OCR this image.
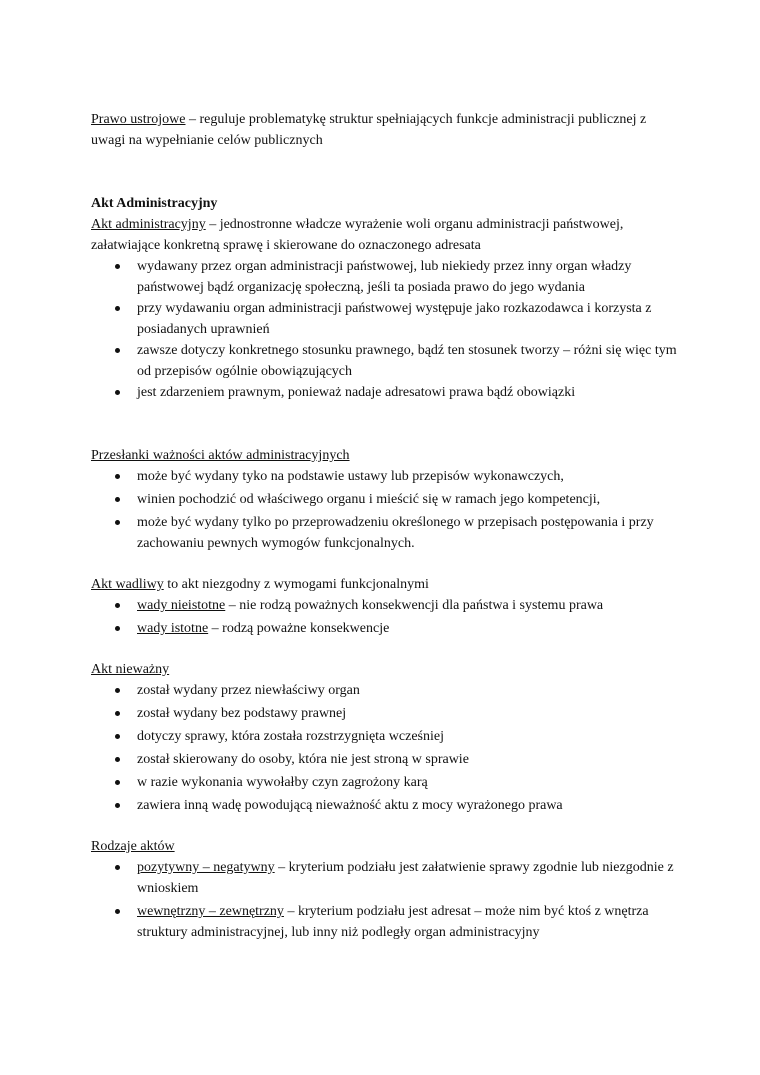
Prawo ustrojowe – reguluje problematykę struktur spełniających funkcje administracji publicznej z uwagi na wypełnianie celów publicznych

Akt Administracyjny

Akt administracyjny – jednostronne władcze wyrażenie woli organu administracji państwowej, załatwiające konkretną sprawę i skierowane do oznaczonego adresata

wydawany przez organ administracji państwowej, lub niekiedy przez inny organ władzy państwowej bądź organizację społeczną, jeśli ta posiada prawo do jego wydania
przy wydawaniu organ administracji państwowej występuje jako rozkazodawca i korzysta z posiadanych uprawnień
zawsze dotyczy konkretnego stosunku prawnego, bądź ten stosunek tworzy – różni się więc tym od przepisów ogólnie obowiązujących
jest zdarzeniem prawnym, ponieważ nadaje adresatowi prawa bądź obowiązki

Przesłanki ważności aktów administracyjnych

może być wydany tyko na podstawie ustawy lub przepisów wykonawczych,
winien pochodzić od właściwego organu i mieścić się w ramach jego kompetencji,
może być wydany tylko po przeprowadzeniu określonego w przepisach postępowania i przy zachowaniu pewnych wymogów funkcjonalnych.

Akt wadliwy to akt niezgodny z wymogami funkcjonalnymi

wady nieistotne – nie rodzą poważnych konsekwencji dla państwa i systemu prawa
wady istotne – rodzą poważne konsekwencje

Akt nieważny

został wydany przez niewłaściwy organ
został wydany bez podstawy prawnej
dotyczy sprawy, która została rozstrzygnięta wcześniej
został skierowany do osoby, która nie jest stroną w sprawie
w razie wykonania wywołałby czyn zagrożony karą
zawiera inną wadę powodującą nieważność aktu z mocy wyrażonego prawa

Rodzaje aktów

pozytywny – negatywny – kryterium podziału jest załatwienie sprawy zgodnie lub niezgodnie z wnioskiem
wewnętrzny – zewnętrzny – kryterium podziału jest adresat – może nim być ktoś z wnętrza struktury administracyjnej, lub inny niż podległy organ administracyjny
